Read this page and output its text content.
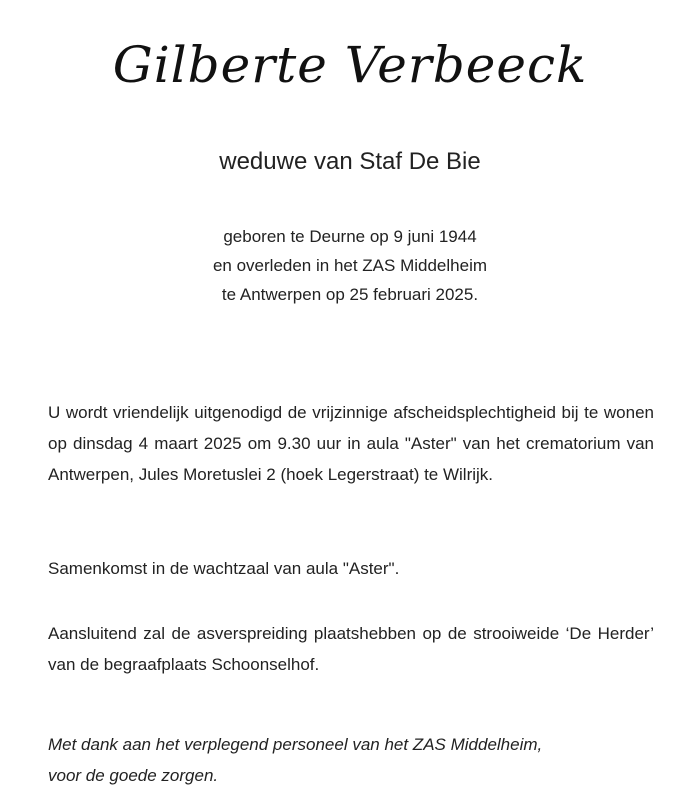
Gilberte Verbeeck
weduwe van Staf De Bie
geboren te Deurne op 9 juni 1944
en overleden in het ZAS Middelheim
te Antwerpen op 25 februari 2025.
U wordt vriendelijk uitgenodigd de vrijzinnige afscheidsplechtigheid bij te wonen op dinsdag 4 maart 2025 om 9.30 uur in aula "Aster" van het crematorium van Antwerpen, Jules Moretuslei 2 (hoek Legerstraat) te Wilrijk.
Samenkomst in de wachtzaal van aula "Aster".
Aansluitend zal de asverspreiding plaatshebben op de strooiweide ‘De Herder’ van de begraafplaats Schoonselhof.
Met dank aan het verplegend personeel van het ZAS Middelheim,
voor de goede zorgen.
